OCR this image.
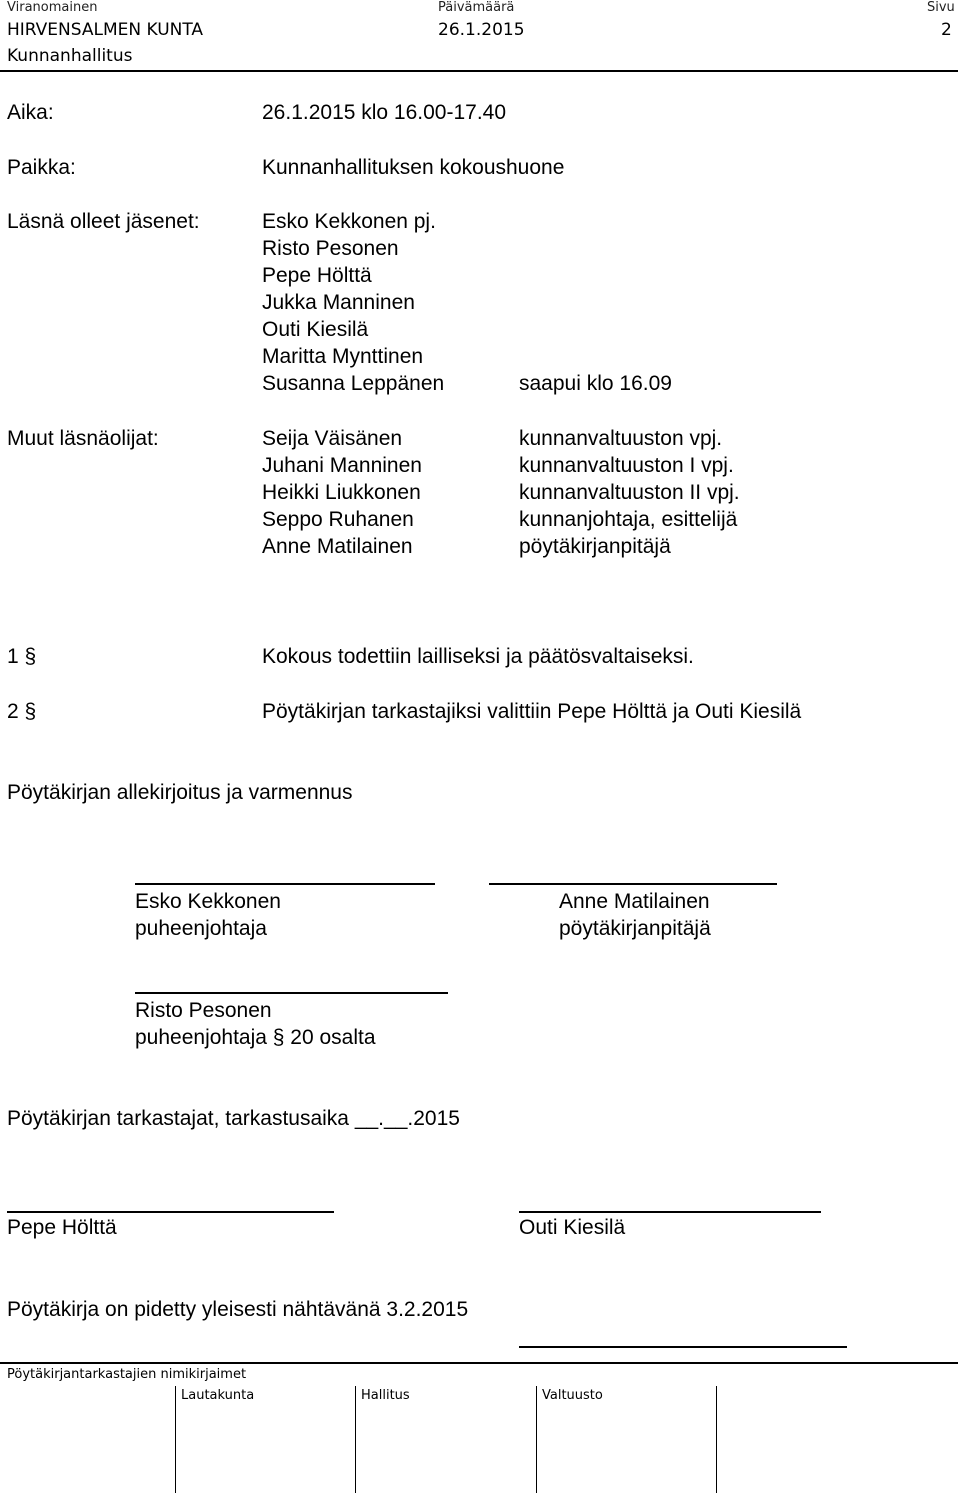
Viranomainen	Päivämäärä	Sivu
HIRVENSALMEN KUNTA	26.1.2015	2
Kunnanhallitus
Aika:	26.1.2015 klo 16.00-17.40
Paikka:	Kunnanhallituksen kokoushuone
Läsnä olleet jäsenet:	Esko Kekkonen pj.
Risto Pesonen
Pepe Hölttä
Jukka Manninen
Outi Kiesilä
Maritta Mynttinen
Susanna Leppänen	saapui klo 16.09
Muut läsnäolijat:	Seija Väisänen	kunnanvaltuuston vpj.
Juhani Manninen	kunnanvaltuuston I vpj.
Heikki Liukkonen	kunnanvaltuuston II vpj.
Seppo Ruhanen	kunnanjohtaja, esittelijä
Anne Matilainen	pöytäkirjanpitäjä
1 §	Kokous todettiin lailliseksi ja päätösvaltaiseksi.
2 §	Pöytäkirjan tarkastajiksi valittiin Pepe Hölttä ja Outi Kiesilä
Pöytäkirjan allekirjoitus ja varmennus
Esko Kekkonen
puheenjohtaja
Anne Matilainen
pöytäkirjanpitäjä
Risto Pesonen
puheenjohtaja § 20 osalta
Pöytäkirjan tarkastajat, tarkastusaika __.__.2015
Pepe Hölttä	Outi Kiesilä
Pöytäkirja on pidetty yleisesti nähtävänä 3.2.2015
Pöytäkirjantarkastajien nimikirjaimet
Lautakunta	Hallitus	Valtuusto
